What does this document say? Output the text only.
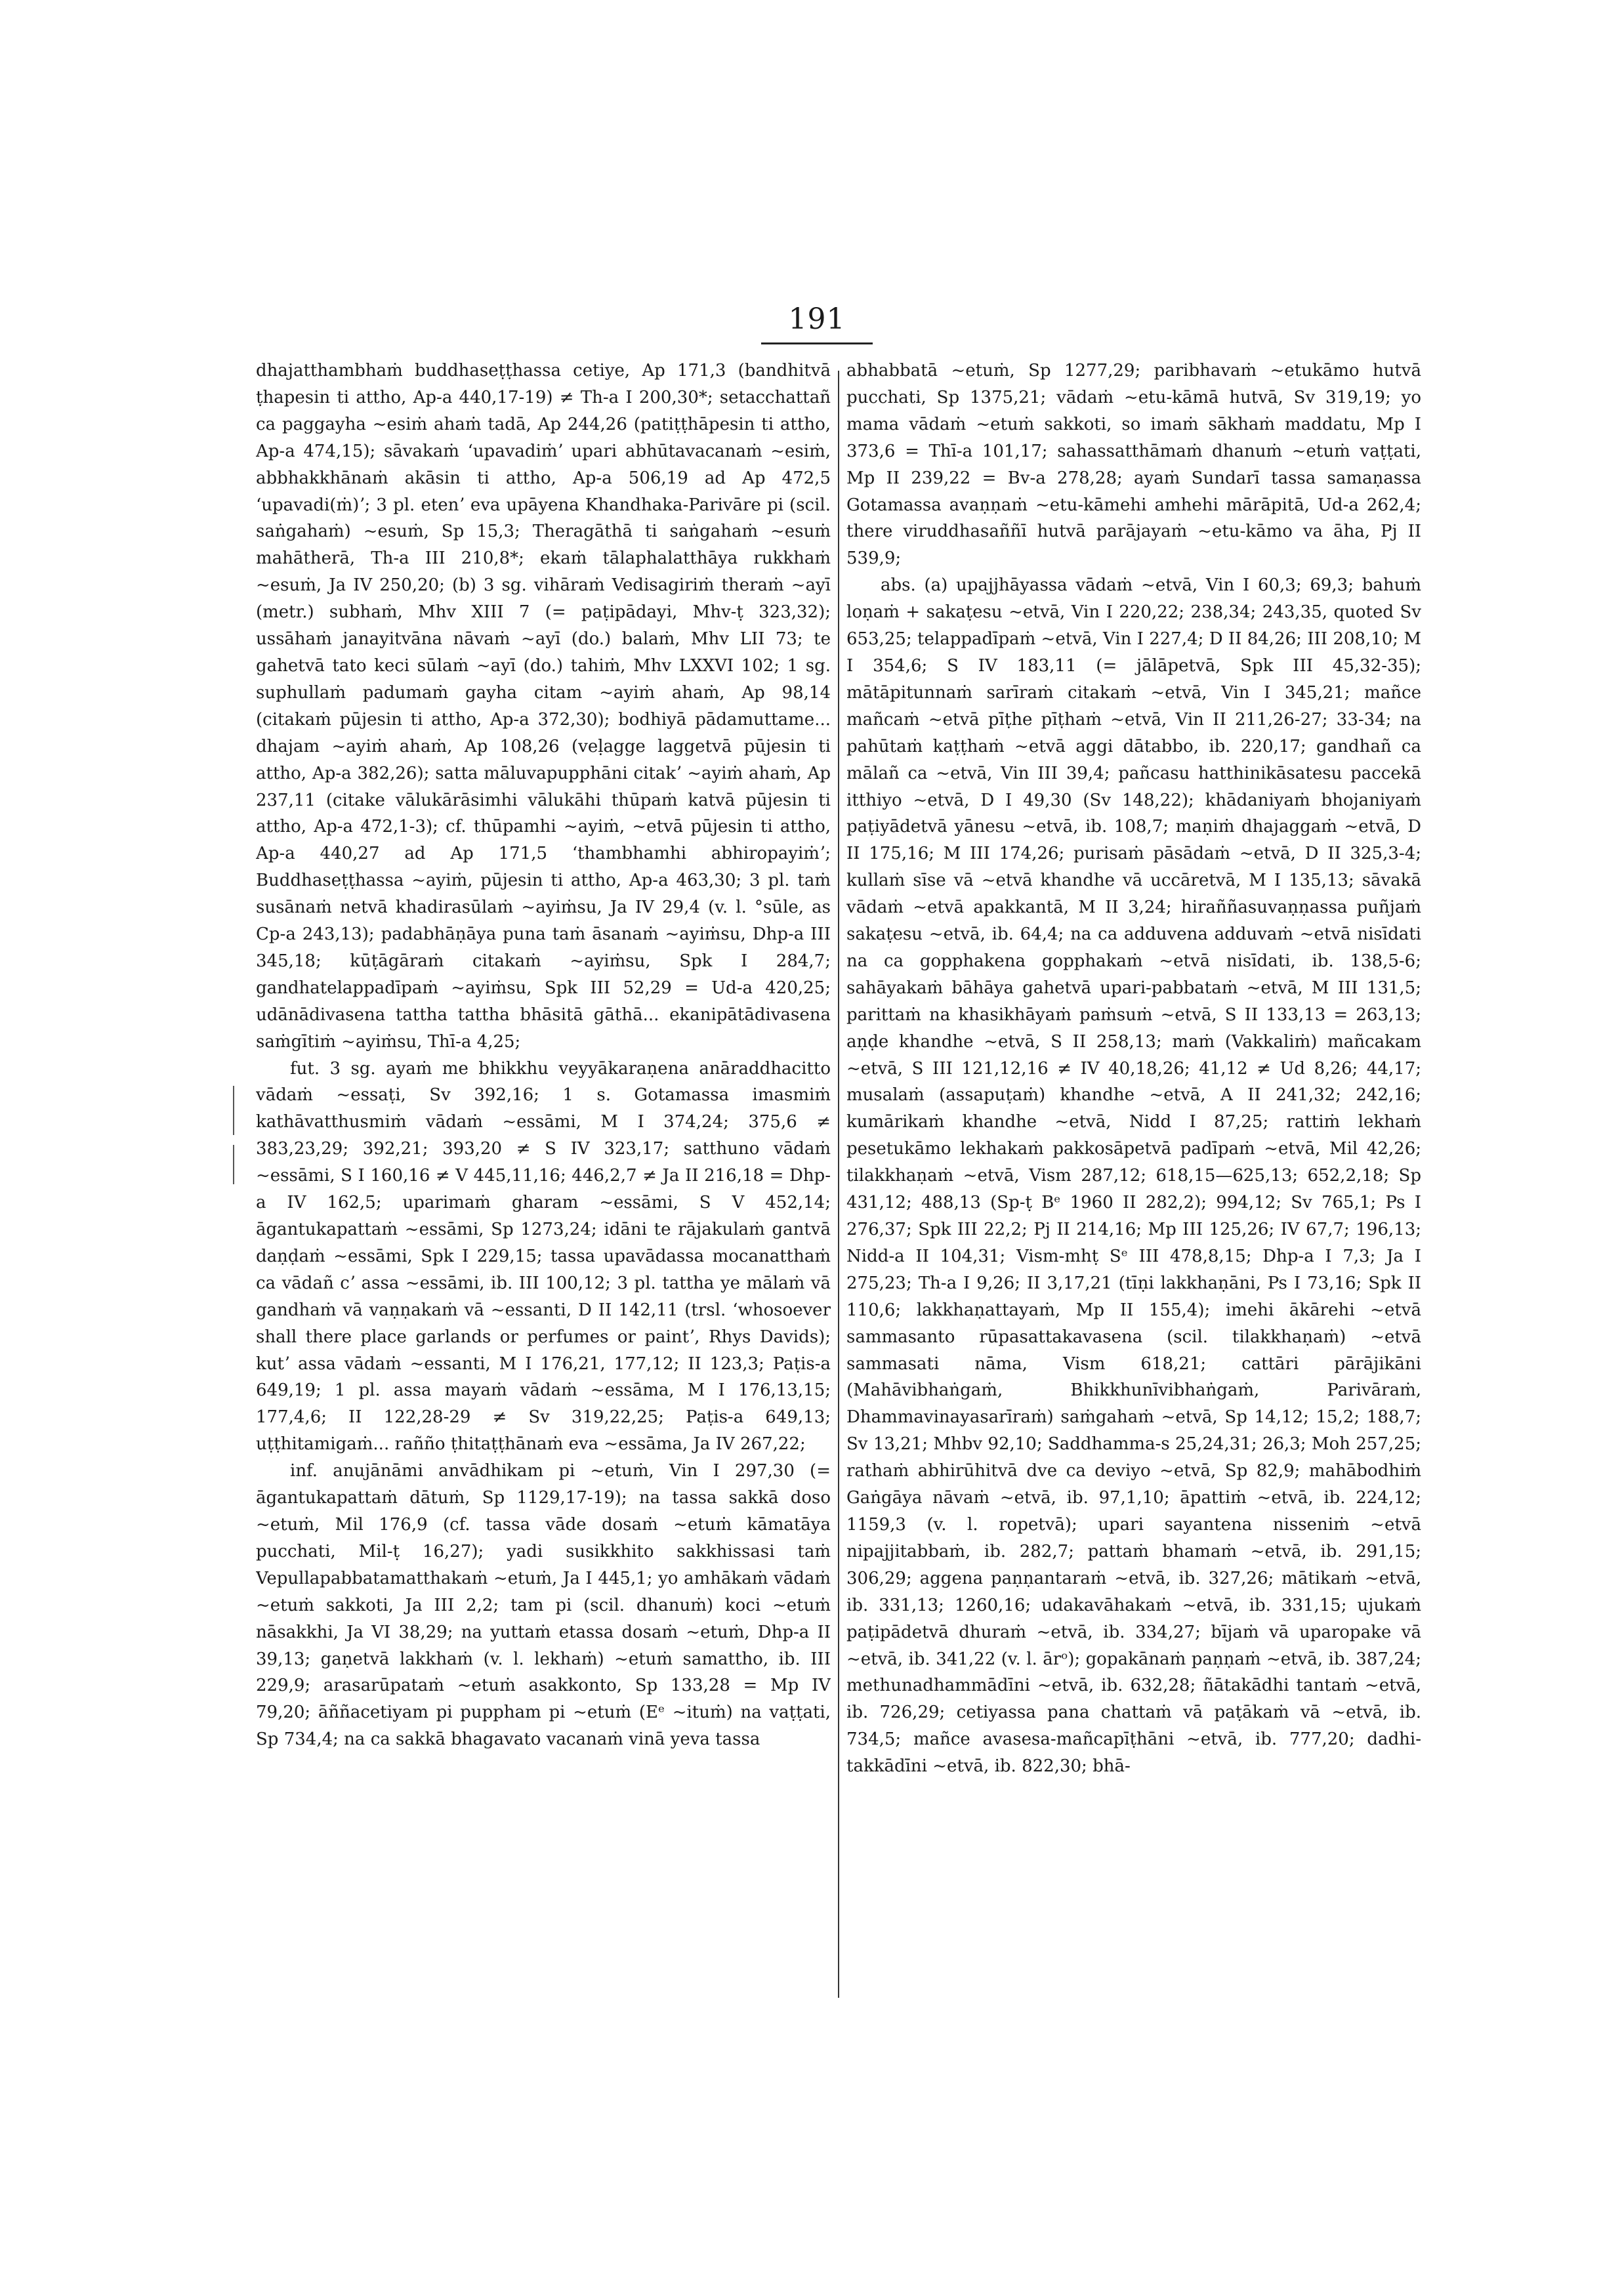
191

dhajatthambhaṁ buddhaseṭṭhassa cetiye, Ap 171,3 (bandhitvā ṭhapesin ti attho, Ap-a 440,17-19) ≠ Th-a I 200,30*; setacchattañ ca paggayha ~esiṁ ahaṁ tadā, Ap 244,26 (patiṭṭhāpesin ti attho, Ap-a 474,15); sāvakaṁ ʻupavadiṁʼ upari abhūtavacanaṁ ~esiṁ, abbhakkhānaṁ akāsin ti attho, Ap-a 506,19 ad Ap 472,5 ʻupavadi(ṁ)ʼ; 3 pl. etenʼ eva upāyena Khandhaka-Parivāre pi (scil. saṅgahaṁ) ~esuṁ, Sp 15,3; Theragāthā ti saṅgahaṁ ~esuṁ mahātherā, Th-a III 210,8*; ekaṁ tālaphalatthāya rukkhaṁ ~esuṁ, Ja IV 250,20; (b) 3 sg. vihāraṁ Vedisagiriṁ theraṁ ~ayī (metr.) subhaṁ, Mhv XIII 7 (= paṭipādayi, Mhv-ṭ 323,32); ussāhaṁ janayitvāna nāvaṁ ~ayī (do.) balaṁ, Mhv LII 73; te gahetvā tato keci sūlaṁ ~ayī (do.) tahiṁ, Mhv LXXVI 102; 1 sg. suphullaṁ padumaṁ gayha citam ~ayiṁ ahaṁ, Ap 98,14 (citakaṁ pūjesin ti attho, Ap-a 372,30); bodhiyā pādamuttame... dhajam ~ayiṁ ahaṁ, Ap 108,26 (veḷagge laggetvā pūjesin ti attho, Ap-a 382,26); satta māluvapupphāni citakʼ ~ayiṁ ahaṁ, Ap 237,11 (citake vālukārāsimhi vālukāhi thūpaṁ katvā pūjesin ti attho, Ap-a 472,1-3); cf. thūpamhi ~ayiṁ, ~etvā pūjesin ti attho, Ap-a 440,27 ad Ap 171,5 ʻthambhamhi abhiropayiṁʼ; Buddhaseṭṭhassa ~ayiṁ, pūjesin ti attho, Ap-a 463,30; 3 pl. taṁ susānaṁ netvā khadirasūlaṁ ~ayiṁsu, Ja IV 29,4 (v. l. °sūle, as Cp-a 243,13); padabhāṇāya puna taṁ āsanaṁ ~ayiṁsu, Dhp-a III 345,18; kūṭāgāraṁ citakaṁ ~ayiṁsu, Spk I 284,7; gandhatelappadīpaṁ ~ayiṁsu, Spk III 52,29 = Ud-a 420,25; udānādivasena tattha tattha bhāsitā gāthā... ekanipātādivasena saṁgītiṁ ~ayiṁsu, Thī-a 4,25;

fut. 3 sg. ayaṁ me bhikkhu veyyākaraṇena anāraddhacitto vādaṁ ~essaṭi, Sv 392,16; 1 s. Gotamassa imasmiṁ kathāvatthusmiṁ vādaṁ ~essāmi, M I 374,24; 375,6 ≠ 383,23,29; 392,21; 393,20 ≠ S IV 323,17; satthuno vādaṁ ~essāmi, S I 160,16 ≠ V 445,11,16; 446,2,7 ≠ Ja II 216,18 = Dhp-a IV 162,5; uparimaṁ gharam ~essāmi, S V 452,14; āgantukapattaṁ ~essāmi, Sp 1273,24; idāni te rājakulaṁ gantvā daṇḍaṁ ~essāmi, Spk I 229,15; tassa upavādassa mocanatthaṁ ca vādañ cʼ assa ~essāmi, ib. III 100,12; 3 pl. tattha ye mālaṁ vā gandhaṁ vā vaṇṇakaṁ vā ~essanti, D II 142,11 (trsl. ʻwhosoever shall there place garlands or perfumes or paintʼ, Rhys Davids); kutʼ assa vādaṁ ~essanti, M I 176,21, 177,12; II 123,3; Paṭis-a 649,19; 1 pl. assa mayaṁ vādaṁ ~essāma, M I 176,13,15; 177,4,6; II 122,28-29 ≠ Sv 319,22,25; Paṭis-a 649,13; uṭṭhitamigaṁ... rañño ṭhitaṭṭhānaṁ eva ~essāma, Ja IV 267,22;

inf. anujānāmi anvādhikam pi ~etuṁ, Vin I 297,30 (= āgantukapattaṁ dātuṁ, Sp 1129,17-19); na tassa sakkā doso ~etuṁ, Mil 176,9 (cf. tassa vāde dosaṁ ~etuṁ kāmatāya pucchati, Mil-ṭ 16,27); yadi susikkhito sakkhissasi taṁ Vepullapabbatamatthakaṁ ~etuṁ, Ja I 445,1; yo amhākaṁ vādaṁ ~etuṁ sakkoti, Ja III 2,2; tam pi (scil. dhanuṁ) koci ~etuṁ nāsakkhi, Ja VI 38,29; na yuttaṁ etassa dosaṁ ~etuṁ, Dhp-a II 39,13; gaṇetvā lakkhaṁ (v. l. lekhaṁ) ~etuṁ samattho, ib. III 229,9; arasarūpataṁ ~etuṁ asakkonto, Sp 133,28 = Mp IV 79,20; āññacetiyam pi puppham pi ~etuṁ (Eᵉ ~ituṁ) na vaṭṭati, Sp 734,4; na ca sakkā bhagavato vacanaṁ vinā yeva tassa

abhabbatā ~etuṁ, Sp 1277,29; paribhavaṁ ~etukāmo hutvā pucchati, Sp 1375,21; vādaṁ ~etu-kāmā hutvā, Sv 319,19; yo mama vādaṁ ~etuṁ sakkoti, so imaṁ sākhaṁ maddatu, Mp I 373,6 = Thī-a 101,17; sahassatthāmaṁ dhanuṁ ~etuṁ vaṭṭati, Mp II 239,22 = Bv-a 278,28; ayaṁ Sundarī tassa samaṇassa Gotamassa avaṇṇaṁ ~etu-kāmehi amhehi mārāpitā, Ud-a 262,4; there viruddhasaññī hutvā parājayaṁ ~etu-kāmo va āha, Pj II 539,9;

abs. (a) upajjhāyassa vādaṁ ~etvā, Vin I 60,3; 69,3; bahuṁ loṇaṁ + sakaṭesu ~etvā, Vin I 220,22; 238,34; 243,35, quoted Sv 653,25; telappadīpaṁ ~etvā, Vin I 227,4; D II 84,26; III 208,10; M I 354,6; S IV 183,11 (= jālāpetvā, Spk III 45,32-35); mātāpitunnaṁ sarīraṁ citakaṁ ~etvā, Vin I 345,21; mañce mañcaṁ ~etvā pīṭhe pīṭhaṁ ~etvā, Vin II 211,26-27; 33-34; na pahūtaṁ kaṭṭhaṁ ~etvā aggi dātabbo, ib. 220,17; gandhañ ca mālañ ca ~etvā, Vin III 39,4; pañcasu hatthinikāsatesu paccekā itthiyo ~etvā, D I 49,30 (Sv 148,22); khādaniyaṁ bhojaniyaṁ paṭiyādetvā yānesu ~etvā, ib. 108,7; maṇiṁ dhajaggaṁ ~etvā, D II 175,16; M III 174,26; purisaṁ pāsādaṁ ~etvā, D II 325,3-4; kullaṁ sīse vā ~etvā khandhe vā uccāretvā, M I 135,13; sāvakā vādaṁ ~etvā apakkantā, M II 3,24; hiraññasuvaṇṇassa puñjaṁ sakaṭesu ~etvā, ib. 64,4; na ca adduvena adduvaṁ ~etvā nisīdati na ca gopphakena gopphakaṁ ~etvā nisīdati, ib. 138,5-6; sahāyakaṁ bāhāya gahetvā upari-pabbataṁ ~etvā, M III 131,5; parittaṁ na khasikhāyaṁ paṁsuṁ ~etvā, S II 133,13 = 263,13; aṇḍe khandhe ~etvā, S II 258,13; maṁ (Vakkaliṁ) mañcakam ~etvā, S III 121,12,16 ≠ IV 40,18,26; 41,12 ≠ Ud 8,26; 44,17; musalaṁ (assapuṭaṁ) khandhe ~etvā, A II 241,32; 242,16; kumārikaṁ khandhe ~etvā, Nidd I 87,25; rattiṁ lekhaṁ pesetukāmo lekhakaṁ pakkosāpetvā padīpaṁ ~etvā, Mil 42,26; tilakkhaṇaṁ ~etvā, Vism 287,12; 618,15—625,13; 652,2,18; Sp 431,12; 488,13 (Sp-ṭ Bᵉ 1960 II 282,2); 994,12; Sv 765,1; Ps I 276,37; Spk III 22,2; Pj II 214,16; Mp III 125,26; IV 67,7; 196,13; Nidd-a II 104,31; Vism-mhṭ Sᵉ III 478,8,15; Dhp-a I 7,3; Ja I 275,23; Th-a I 9,26; II 3,17,21 (tīṇi lakkhaṇāni, Ps I 73,16; Spk II 110,6; lakkhaṇattayaṁ, Mp II 155,4); imehi ākārehi ~etvā sammasanto rūpasattakavasena (scil. tilakkhaṇaṁ) ~etvā sammasati nāma, Vism 618,21; cattāri pārājikāni (Mahāvibhaṅgaṁ, Bhikkhunīvibhaṅgaṁ, Parivāraṁ, Dhammavinayasarīraṁ) saṁgahaṁ ~etvā, Sp 14,12; 15,2; 188,7; Sv 13,21; Mhbv 92,10; Saddhamma-s 25,24,31; 26,3; Moh 257,25; rathaṁ abhirūhitvā dve ca deviyo ~etvā, Sp 82,9; mahābodhiṁ Gaṅgāya nāvaṁ ~etvā, ib. 97,1,10; āpattiṁ ~etvā, ib. 224,12; 1159,3 (v. l. ropetvā); upari sayantena nisseniṁ ~etvā nipajjitabbaṁ, ib. 282,7; pattaṁ bhamaṁ ~etvā, ib. 291,15; 306,29; aggena paṇṇantaraṁ ~etvā, ib. 327,26; mātikaṁ ~etvā, ib. 331,13; 1260,16; udakavāhakaṁ ~etvā, ib. 331,15; ujukaṁ paṭipādetvā dhuraṁ ~etvā, ib. 334,27; bījaṁ vā uparopake vā ~etvā, ib. 341,22 (v. l. ārᵒ); gopakānaṁ paṇṇaṁ ~etvā, ib. 387,24; methunadhammādīni ~etvā, ib. 632,28; ñātakādhi tantaṁ ~etvā, ib. 726,29; cetiyassa pana chattaṁ vā paṭākaṁ vā ~etvā, ib. 734,5; mañce avasesa-mañcapīṭhāni ~etvā, ib. 777,20; dadhi-takkādīni ~etvā, ib. 822,30; bhā-
